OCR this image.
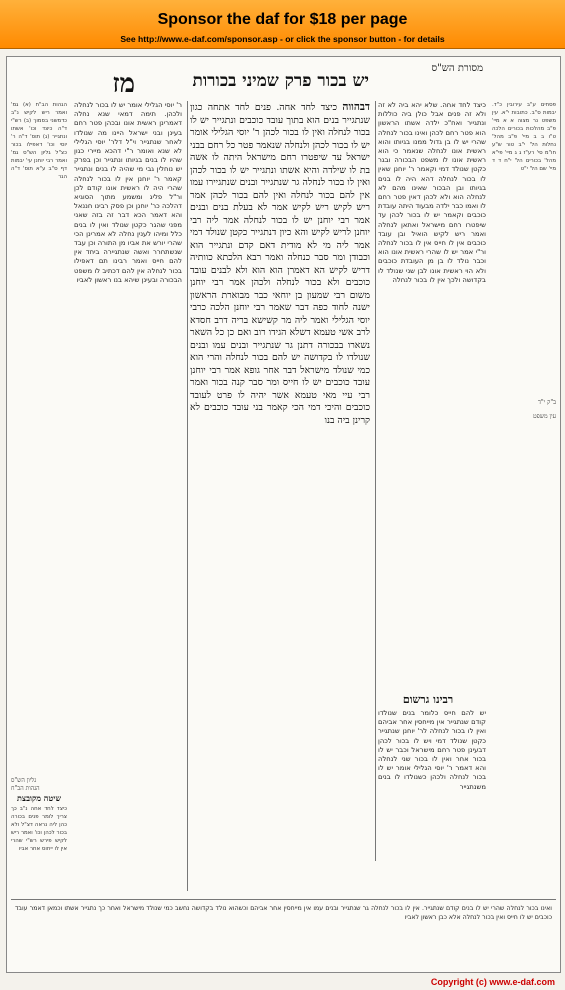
Sponsor the daf for $18 per page
See http://www.e-daf.com/sponsor.asp - or click the sponsor button - for details
מסורת הש"ס
יש בכור פרק שמיני בכורות
מז

פסחים ע"ב עירובין כ"ד. יבמות ס"ב. כתובות י"א. עין משפט נר מצוה א א מיי' פ"ב מהלכות בכורים הלכה ט"ו ב ב מיי' פ"ב מהל' נחלות הל' י"ב טור ש"ע חו"מ סי' רע"ז ג ג מיי' פי"א מהל' בכורים הל' י"ח ד ד מיי' שם הל' י"ט

כיצד לחד אחה. שלא יהא ביה לא זה ולא זה פנים אבל כולן ביה כוללות ונתגייר ואח"כ ילדה אשתו הראשון הוא פטר רחם לכהן ואינו בכור לנחלה שהרי יש לו בן גדול ממנו בגיותו והוא ראשית אונו לנחלה שנאמר כי הוא ראשית אונו לו משפט הבכורה ובגר כקטן שנולד דמי וקאמר ר' יוחנן שאין לו בכור לנחלה דהא היה לו בנים בגיותו ובן הבכור שאינו מהם לא לנחלה הוא ולא לכהן דאין פטר רחם לו ואמו כבר ילדה מבעוד היתה עובדת כוכבים וקאמר יש לו בכור לכהן עד שיפטרו רחם מישראל ואתאן לנחלה ואמר ריש לקיש הואיל ובן עובד כוכבים אין לו חייס אין לו בכור לנחלה ור"י אמר יש לו שהרי ראשית אונו הוא וכבר נולד לו בן מן העובדת כוכבים ולא הוי ראשית אונו לבן שני שנולד לו בקדושה ולכך אין לו בכור לנחלה

דבהווה כיצד לחד אחה. פנים לחד אתחה כגון שנתגייר בנים הוא בתוך עובד כוכבים ונתגייר יש לו בכור לנחלה ואין לו בכור לכהן ר' יוסי הגלילי אומר יש לו בכור לכהן ולנחלה שנאמר פטר כל רחם בבני ישראל עד שיפטרו רחם מישראל היתה לו אשה בת לו שילדה והיא אשתו ונתגייר יש לו בכור לכהן ואין לו בכור לנחלה גר שנתגייר ובנים שנתגיירו עמו אין להם בכור לנחלה ואין להם בכור לכהן אמר ריש לקיש ריש לקיש אמר לא בעלת בנים ובנים אמר רבי יוחנן יש לו בכור לנחלה אמר ליה רבי יוחנן לריש לקיש והא כיון דנתגייר כקטן שנולד דמי אמר ליה מי לא מודית דאם קדם ונתגייר הוא וכבודן ומר סבר כנחלה ואמר רבא הלכתא כוותיה דריש לקיש הא דאמרן הוא הוא ולא לבנים עובד כוכבים ולא בכור לנחלה ולכהן אמר רבי יוחנן משום רבי שמעון בן יוחאי כבר מבוארת הראשון ישנה לחוד כפה דבר שאמר רבי יוחנן הלכה כרבי יוסי הגלילי ואמר ליה מר קשישא בריה דרב חסדא לרב אשי טעמא דשלא הגידו רוב ואם כן כל השאר נשארו בבכורה דתנן גר שנתגייר ובנים עמו ובנים שנולדו לו בקדושה יש להם בכור לנחלה והרי הוא כמי שנולד מישראל דבר אחר גופא אמר רבי יוחנן עובד כוכבים יש לו חייס ומר סבר קנה בכור ואמר רבי עיי מאי טעמא אשר יהיה לו פרט לעובד כוכבים והיכי דמי הכי קאמר בני עובד כוכבים לא קרינן ביה בנו

ר' יוסי הגלילי אומר יש לו בכור לנחלה ולכהן. תימה דמאי שנא נחלה דאמרינן ראשית אונו ובכהן פטר רחם בעינן ובני ישראל היינו מה שנולדו לאחר שנתגייר וי"ל דלר' יוסי הגלילי לא שנא ואומר ר"י דהכא מיירי כגון שהיו לו בנים בגיותו ונתגייר וכן בפרק יש נוחלין גבי מי שהיה לו בנים ונתגייר קאמר ר' יוחנן אין לו בכור לנחלה שהרי היה לו ראשית אונו קודם לכן ור"ל פליג ומשמע מתוך הסוגיא דהלכה כר' יוחנן וכן פסק רבינו חננאל והא דאמר הכא דבר זה בזה שאני מפני שהגר כקטן שנולד ואין לו בנים כלל ומיהו לענין נחלה לא אמרינן הכי שהרי יורש את אביו מן התורה וכן עבד שנשתחרר ואשה שנתגיירה ביחד אין להם חייס ואמר רבינו תם דאפילו בכור לנחלה אין להם דכתיב לו משפט הבכורה ובעינן שיהא בנו ראשון לאביו

הגהות הב"ח (א) גמ' ואמר ריש לקיש נ"ב כדמשני בסמוך (ב) רש"י ד"ה כיצד וכו' אשתו ונתגייר (ג) תוס' ד"ה ר' יוסי וכו' דאפילו בכור כצ"ל גליון הש"ס גמ' ואמר רבי יוחנן עי' יבמות דף ס"ב ע"א תוס' ד"ה הגר

רבינו גרשום

יש להם חייס כלומר בנים שנולדו קודם שנתגייר אין מייחסין אחר אביהם ואין לו בכור לנחלה לר' יוחנן שנתגייר כקטן שנולד דמי ויש לו בכור לכהן דבעינן פטר רחם מישראל וכבר יש לו בכור אחר ואין לו בכור שני לנחלה והא דאמר ר' יוסי הגלילי אומר יש לו בכור לנחלה ולכהן כשנולדו לו בנים משנתגייר

שיטה מקובצת

כיצד לחד אחה נ"ב כך צריך לומר פנים בכורה כהן ליה נראה דצ"ל ולא בכור לכהן וכו' ואמר ריש לקיש פירש רש"י שהרי אין לו ייחוס אחר אביו

ואינו בכור לנחלה שהרי יש לו בנים קודם שנתגייר. אין לו בכור לנחלה גר שנתגייר ובנים עמו אין מייחסין אחר אביהם וכשהוא נולד בקדושה נחשב כמי שנולד מישראל ואחר כך נתגייר אשתו וכמאן דאמר עובד כוכבים יש לו חייס ואין בכור לנחלה אלא כבן ראשון לאביו

ב"ק י"ד
עין משפט
הגהות הב"ח
גליון הש"ס
Copyright (c) www.e-daf.com
